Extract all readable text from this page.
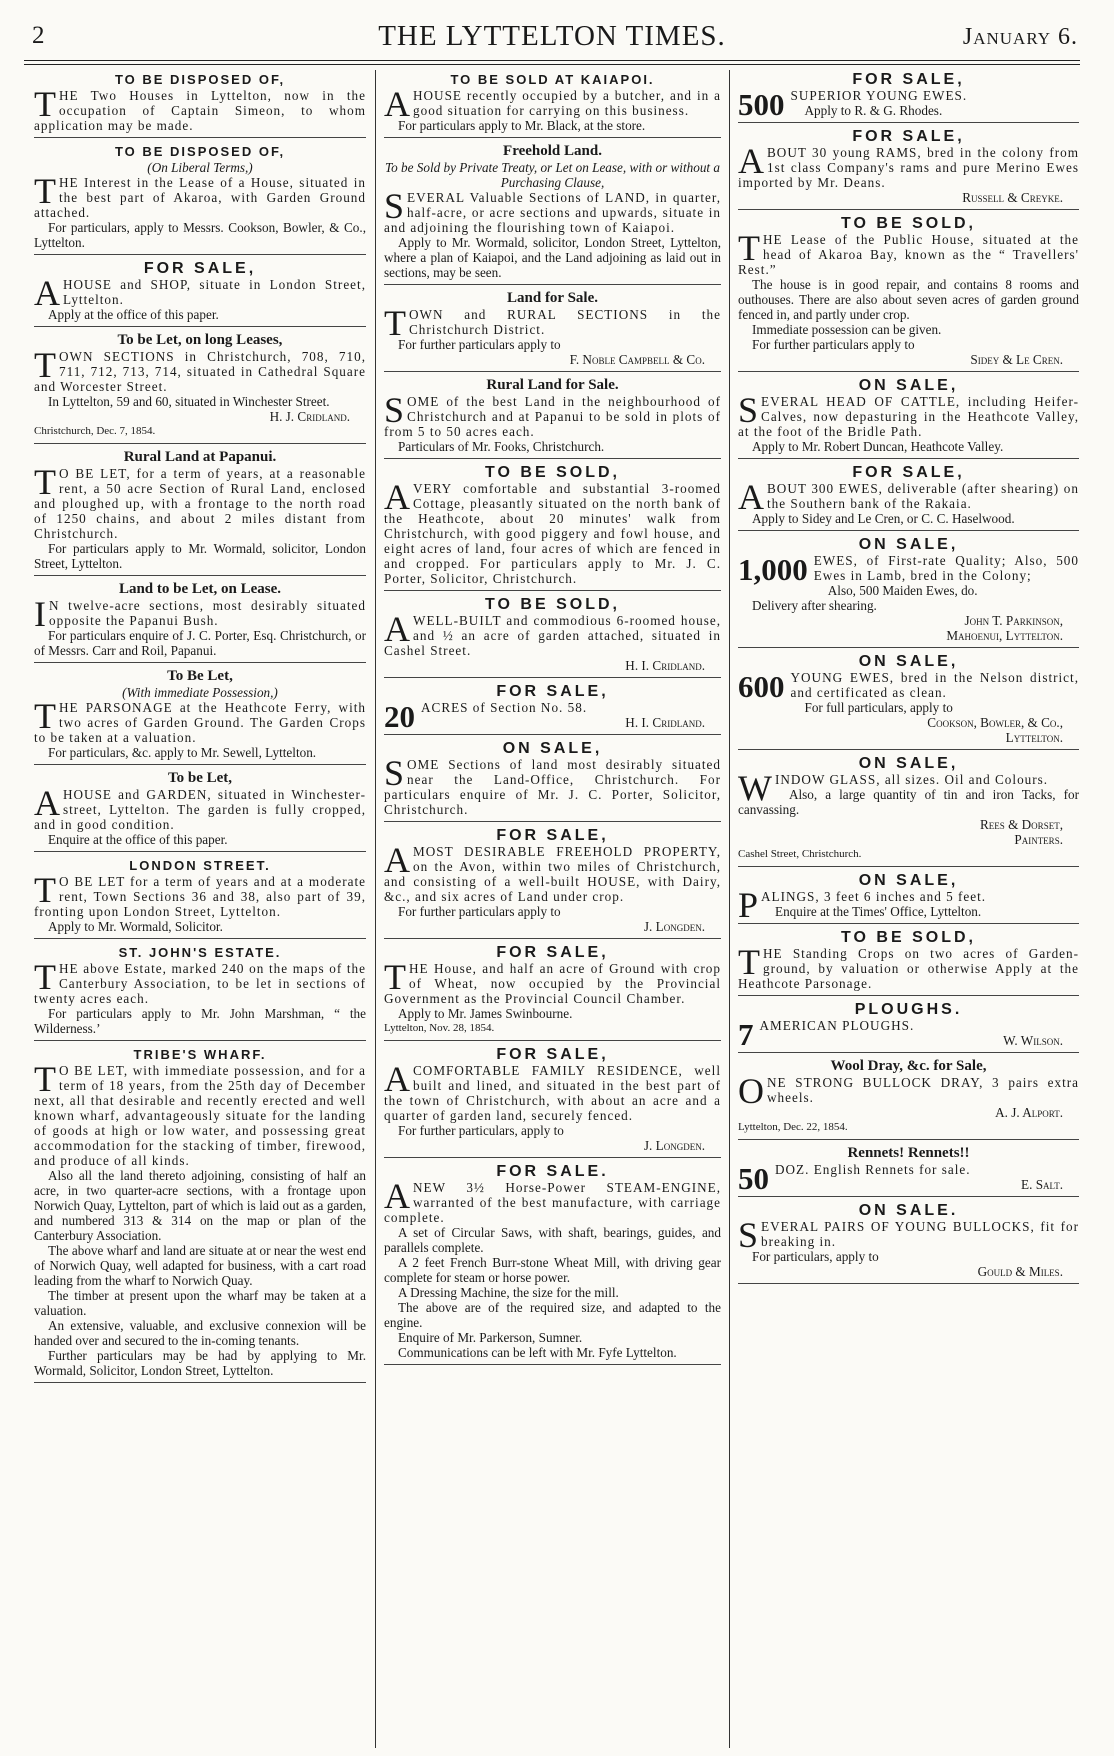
2	THE LYTTELTON TIMES.	January 6.
TO BE DISPOSED OF,

THE Two Houses in Lyttelton, now in the occupation of Captain Simeon, to whom application may be made.

TO BE DISPOSED OF,
(On Liberal Terms,)

THE Interest in the Lease of a House, situated in the best part of Akaroa, with Garden Ground attached.

For particulars, apply to Messrs. Cookson, Bowler, & Co., Lyttelton.

FOR SALE,

AHOUSE and SHOP, situate in London Street, Lyttelton.

Apply at the office of this paper.

To be Let, on long Leases,

TOWN SECTIONS in Christchurch, 708, 710, 711, 712, 713, 714, situated in Cathedral Square and Worcester Street.

In Lyttelton, 59 and 60, situated in Winchester Street.

H. J. Cridland.

Christchurch, Dec. 7, 1854.

Rural Land at Papanui.

T O BE LET, for a term of years, at a reasonable rent, a 50 acre Section of Rural Land, enclosed and ploughed up, with a frontage to the north road of 1250 chains, and about 2 miles distant from Christchurch.

For particulars apply to Mr. Wormald, solicitor, London Street, Lyttelton.

Land to be Let, on Lease.

I N twelve-acre sections, most desirably situated opposite the Papanui Bush.

For particulars enquire of J. C. Porter, Esq. Christchurch, or of Messrs. Carr and Roil, Papanui.

To Be Let,
(With immediate Possession,)

THE PARSONAGE at the Heathcote Ferry, with two acres of Garden Ground. The Garden Crops to be taken at a valuation.

For particulars, &c. apply to Mr. Sewell, Lyttelton.

To be Let,

AHOUSE and GARDEN, situated in Winchester-street, Lyttelton. The garden is fully cropped, and in good condition.

Enquire at the office of this paper.

LONDON STREET.

T O BE LET for a term of years and at a moderate rent, Town Sections 36 and 38, also part of 39, fronting upon London Street, Lyttelton.

Apply to Mr. Wormald, Solicitor.

ST. JOHN'S ESTATE.

THE above Estate, marked 240 on the maps of the Canterbury Association, to be let in sections of twenty acres each.

For particulars apply to Mr. John Marshman, “ the Wilderness.’

TRIBE'S WHARF.

T O BE LET, with immediate possession, and for a term of 18 years, from the 25th day of December next, all that desirable and recently erected and well known wharf, advantageously situate for the landing of goods at high or low water, and possessing great accommodation for the stacking of timber, firewood, and produce of all kinds.

Also all the land thereto adjoining, consisting of half an acre, in two quarter-acre sections, with a frontage upon Norwich Quay, Lyttelton, part of which is laid out as a garden, and numbered 313 & 314 on the map or plan of the Canterbury Association.

The above wharf and land are situate at or near the west end of Norwich Quay, well adapted for business, with a cart road leading from the wharf to Norwich Quay.

The timber at present upon the wharf may be taken at a valuation.

An extensive, valuable, and exclusive connexion will be handed over and secured to the in-coming tenants.

Further particulars may be had by applying to Mr. Wormald, Solicitor, London Street, Lyttelton.

TO BE SOLD AT KAIAPOI.

AHOUSE recently occupied by a butcher, and in a good situation for carrying on this business.

For particulars apply to Mr. Black, at the store.

Freehold Land.
To be Sold by Private Treaty, or Let on Lease, with or without a Purchasing Clause,

SEVERAL Valuable Sections of LAND, in quarter, half-acre, or acre sections and upwards, situate in and adjoining the flourishing town of Kaiapoi.

Apply to Mr. Wormald, solicitor, London Street, Lyttelton, where a plan of Kaiapoi, and the Land adjoining as laid out in sections, may be seen.

Land for Sale.

TOWN and RURAL SECTIONS in the Christchurch District.

For further particulars apply to

F. Noble Campbell & Co.

Rural Land for Sale.

SOME of the best Land in the neighbourhood of Christchurch and at Papanui to be sold in plots of from 5 to 50 acres each.

Particulars of Mr. Fooks, Christchurch.

TO BE SOLD,

AVERY comfortable and substantial 3-roomed Cottage, pleasantly situated on the north bank of the Heathcote, about 20 minutes' walk from Christchurch, with good piggery and fowl house, and eight acres of land, four acres of which are fenced in and cropped. For particulars apply to Mr. J. C. Porter, Solicitor, Christchurch.

TO BE SOLD,

AWELL-BUILT and commodious 6-roomed house, and ½ an acre of garden attached, situated in Cashel Street.

H. I. Cridland.

FOR SALE,

20 ACRES of Section No. 58.

H. I. Cridland.

ON SALE,

SOME Sections of land most desirably situated near the Land-Office, Christchurch. For particulars enquire of Mr. J. C. Porter, Solicitor, Christchurch.

FOR SALE,

AMOST DESIRABLE FREEHOLD PROPERTY, on the Avon, within two miles of Christchurch, and consisting of a well-built HOUSE, with Dairy, &c., and six acres of Land under crop.

For further particulars apply to

J. Longden.

FOR SALE,

THE House, and half an acre of Ground with crop of Wheat, now occupied by the Provincial Government as the Provincial Council Chamber.

Apply to Mr. James Swinbourne.

Lyttelton, Nov. 28, 1854.

FOR SALE,

ACOMFORTABLE FAMILY RESIDENCE, well built and lined, and situated in the best part of the town of Christchurch, with about an acre and a quarter of garden land, securely fenced.

For further particulars, apply to

J. Longden.

FOR SALE.

ANEW 3½ Horse-Power STEAM-ENGINE, warranted of the best manufacture, with carriage complete.

A set of Circular Saws, with shaft, bearings, guides, and parallels complete.

A 2 feet French Burr-stone Wheat Mill, with driving gear complete for steam or horse power.

A Dressing Machine, the size for the mill.

The above are of the required size, and adapted to the engine.

Enquire of Mr. Parkerson, Sumner.

Communications can be left with Mr. Fyfe Lyttelton.

FOR SALE,

500 SUPERIOR YOUNG EWES.

Apply to R. & G. Rhodes.

FOR SALE,

ABOUT 30 young RAMS, bred in the colony from 1st class Company's rams and pure Merino Ewes imported by Mr. Deans.

Russell & Creyke.

TO BE SOLD,

THE Lease of the Public House, situated at the head of Akaroa Bay, known as the “ Travellers' Rest.”

The house is in good repair, and contains 8 rooms and outhouses. There are also about seven acres of garden ground fenced in, and partly under crop.

Immediate possession can be given.

For further particulars apply to

Sidey & Le Cren.

ON SALE,

SEVERAL HEAD OF CATTLE, including Heifer-Calves, now depasturing in the Heathcote Valley, at the foot of the Bridle Path.

Apply to Mr. Robert Duncan, Heathcote Valley.

FOR SALE,

ABOUT 300 EWES, deliverable (after shearing) on the Southern bank of the Rakaia.

Apply to Sidey and Le Cren, or C. C. Haselwood.

ON SALE,

1,000 EWES, of First-rate Quality; Also, 500 Ewes in Lamb, bred in the Colony;

Also, 500 Maiden Ewes, do.

Delivery after shearing.

John T. Parkinson,

Mahoenui, Lyttelton.

ON SALE,

600 YOUNG EWES, bred in the Nelson district, and certificated as clean.

For full particulars, apply to

Cookson, Bowler, & Co.,

Lyttelton.

ON SALE,

WINDOW GLASS, all sizes. Oil and Colours.

Also, a large quantity of tin and iron Tacks, for canvassing.

Rees & Dorset,

Painters.

Cashel Street, Christchurch.

ON SALE,

PALINGS, 3 feet 6 inches and 5 feet.

Enquire at the Times' Office, Lyttelton.

TO BE SOLD,

THE Standing Crops on two acres of Garden-ground, by valuation or otherwise Apply at the Heathcote Parsonage.

PLOUGHS.

7 AMERICAN PLOUGHS.

W. Wilson.

Wool Dray, &c. for Sale,

ONE STRONG BULLOCK DRAY, 3 pairs extra wheels.

A. J. Alport.

Lyttelton, Dec. 22, 1854.

Rennets! Rennets!!

50 DOZ. English Rennets for sale.

E. Salt.

ON SALE.

SEVERAL PAIRS OF YOUNG BULLOCKS, fit for breaking in.

For particulars, apply to

Gould & Miles.
